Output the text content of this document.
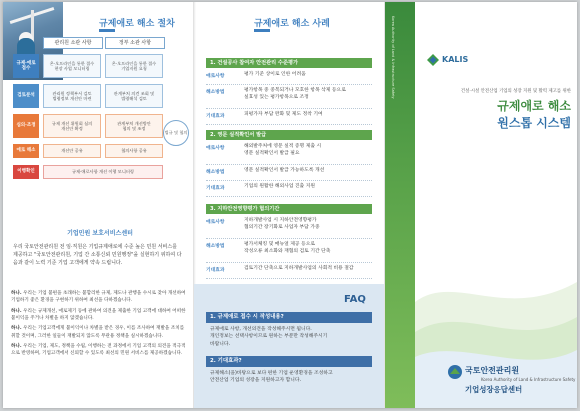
규제애로 해소 절차
관리원 소관 사항	정부 소관 사항
규제·애로
접수
온·오프라인을 통한 접수
현장 사업 모니터링
온·오프라인을 통한 접수
기업지원 요청
검토분석
관리원 정책부서 검토
법령정보 개선안 마련
관계부처 의견 조회 및
법령해석 검토
심의·조정
규제 개선 위원회 심의
개선안 확정
관계부처 개선방안
협의 및 조정
애로 해소	개선안 공유	협의사항 공유
이행확인	규제·애로사항 개선 이행 모니터링
법규 및 협의
기업민원 보호서비스센터
우리 국토안전관리원 전 임·직원은 기업규제애로에 수준 높은 민원 서비스를 제공하고 "국토안전관리원, 기업 간 소통신뢰 민원행정"을 실현하기 위하여 다음과 같이 노력 기준 기업 고객에게 약속 드립니다.
하나. 우리는 기업 불편을 초래하는 불합리한 규제, 제도나 관행을 수시로 찾아 개선하여 기업하기 좋은 환경을 구현하기 위하여 최선을 다하겠습니다.
하나. 우리는 규제개선, 애로제기 등에 관하여 의견을 제출한 기업 고객에 대하여 어떠한 불이익을 주거나 차별을 하지 않겠습니다.
하나. 우리는 기업고객에게 불이익이나 차별을 받은 경우, 이를 조사하여 재발을 조치를 취할 것이며, 그러한 일들이 재발되지 않도록 무관용 정책을 실시하겠습니다.
하나. 우리는 기업, 제도, 정책을 수립, 이행하는 전 과정에서 기업 고객의 의견을 적극적으로 반영하며, 기업고객에서 신뢰할 수 있도록 최선의 민원 서비스를 제공하겠습니다.
규제애로 해소 사례
1. 건설공사 참여자 안전관리 수준평가
애로사항	평가 기준 상이로 인한 어려움
해소방법	평가항목 중 중복되거나 모호한 항목 삭제 등으로
실효성 있는 평가항목으로 조정
기대효과	피평가자 부담 완화 및 제도 정착 기여
2. 영문 실적확인서 발급
애로사항	해외발주처에 영문 실적 증명 제출 시
영문 실적확인서 발급 필요
해소방법	영문 실적확인서 발급 가능하도록 개선
기대효과	기업의 원활한 해외사업 진출 지원
3. 지하안전영향평가 협의기간
애로사항	지하개발사업 시 지하안전영향평가
협의기간 장기화로 사업자 부담 가중
해소방법	평가서체킹 및 매뉴얼 제공 등으로
작성오류 최소화와 재협의 검토 기간 단축
기대효과	검토기간 단축으로 지하개발사업의 사회적 비용 절감
FAQ
1. 규제애로 접수 시 작성내용?
규제애로 사항, 개선의견을 작성해주시면 됩니다.
개인정보는 선택사항이므로 원하는 부분만 작성해주시기
바랍니다.
2. 기대효과?
규제해소(을)바탕으로 보다 편한 기업 운영환경을 조성하고
안전산업 기업의 성장을 지원하고자 합니다.
Korea Authority of Land & Infrastructure Safety	KALIS
건설·시설 안전산업 기업의 성장 지원 및 활력 제고를 위한
규제애로 해소
원스톱 시스템
국토안전관리원
Korea Authority of Land & Infrastructure Safety
기업성장응답센터
